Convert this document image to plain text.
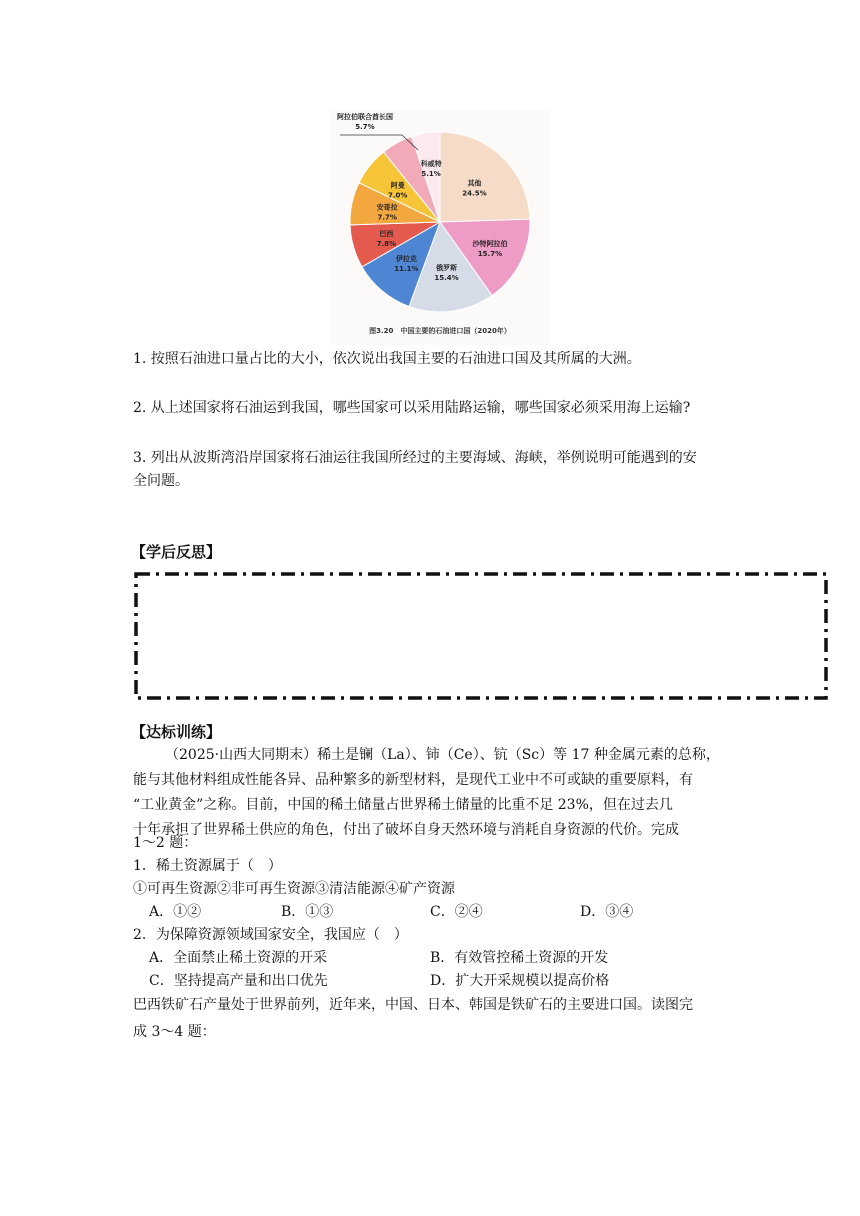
其他
24.5%
沙特阿拉伯
15.7%
俄罗斯
15.4%
伊拉克
11.1%
巴西
7.8%
安哥拉
7.7%
阿曼
7.0%
阿拉伯联合酋长国
5.7%
科威特
5.1%
图3.20　中国主要的石油进口国（2020年）
1. 按照石油进口量占比的大小，依次说出我国主要的石油进口国及其所属的大洲。
2. 从上述国家将石油运到我国，哪些国家可以采用陆路运输，哪些国家必须采用海上运输?
3. 列出从波斯湾沿岸国家将石油运往我国所经过的主要海域、海峡，举例说明可能遇到的安
全问题。
【学后反思】
【达标训练】
（2025·山西大同期末）稀土是镧（La）、铈（Ce）、钪（Sc）等 17 种金属元素的总称，
能与其他材料组成性能各异、品种繁多的新型材料，是现代工业中不可或缺的重要原料，有
“工业黄金”之称。目前，中国的稀土储量占世界稀土储量的比重不足 23%，但在过去几
十年承担了世界稀土供应的角色，付出了破坏自身天然环境与消耗自身资源的代价。完成
1～2 题：
1．稀土资源属于（　）
①可再生资源②非可再生资源③清洁能源④矿产资源
A．①②	B．①③	C．②④	D．③④
2．为保障资源领域国家安全，我国应（　）
A．全面禁止稀土资源的开采	B．有效管控稀土资源的开发
C．坚持提高产量和出口优先	D．扩大开采规模以提高价格
巴西铁矿石产量处于世界前列，近年来，中国、日本、韩国是铁矿石的主要进口国。读图完
成 3～4 题：
